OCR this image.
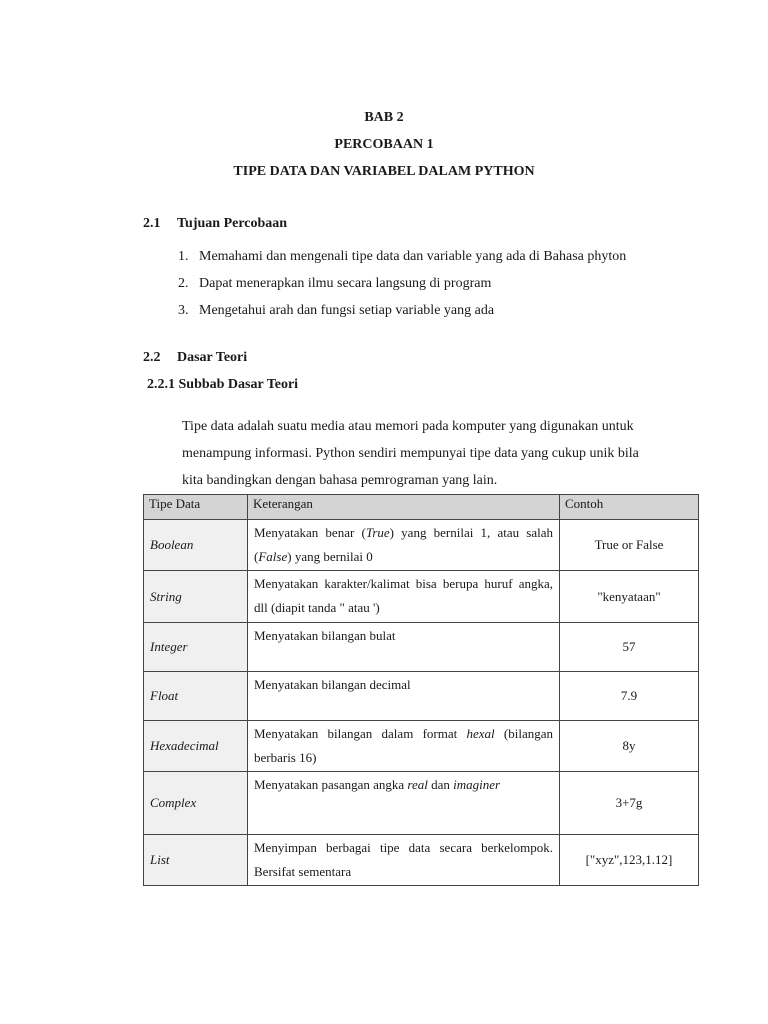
BAB 2

PERCOBAAN 1

TIPE DATA DAN VARIABEL DALAM PYTHON

2.1 Tujuan Percobaan

1. Memahami dan mengenali tipe data dan variable yang ada di Bahasa phyton
2. Dapat menerapkan ilmu secara langsung di program
3. Mengetahui arah dan fungsi setiap variable yang ada

2.2 Dasar Teori

2.2.1 Subbab Dasar Teori

Tipe data adalah suatu media atau memori pada komputer yang digunakan untuk menampung informasi. Python sendiri mempunyai tipe data yang cukup unik bila kita bandingkan dengan bahasa pemrograman yang lain.

Tipe Data	Keterangan	Contoh
Boolean	Menyatakan benar (True) yang bernilai 1, atau salah (False) yang bernilai 0	True or False
String	Menyatakan karakter/kalimat bisa berupa huruf angka, dll (diapit tanda " atau ')	"kenyataan"
Integer	Menyatakan bilangan bulat	57
Float	Menyatakan bilangan decimal	7.9
Hexadecimal	Menyatakan bilangan dalam format hexal (bilangan berbaris 16)	8y
Complex	Menyatakan pasangan angka real dan imaginer	3+7g
List	Menyimpan berbagai tipe data secara berkelompok. Bersifat sementara	["xyz",123,1.12]
